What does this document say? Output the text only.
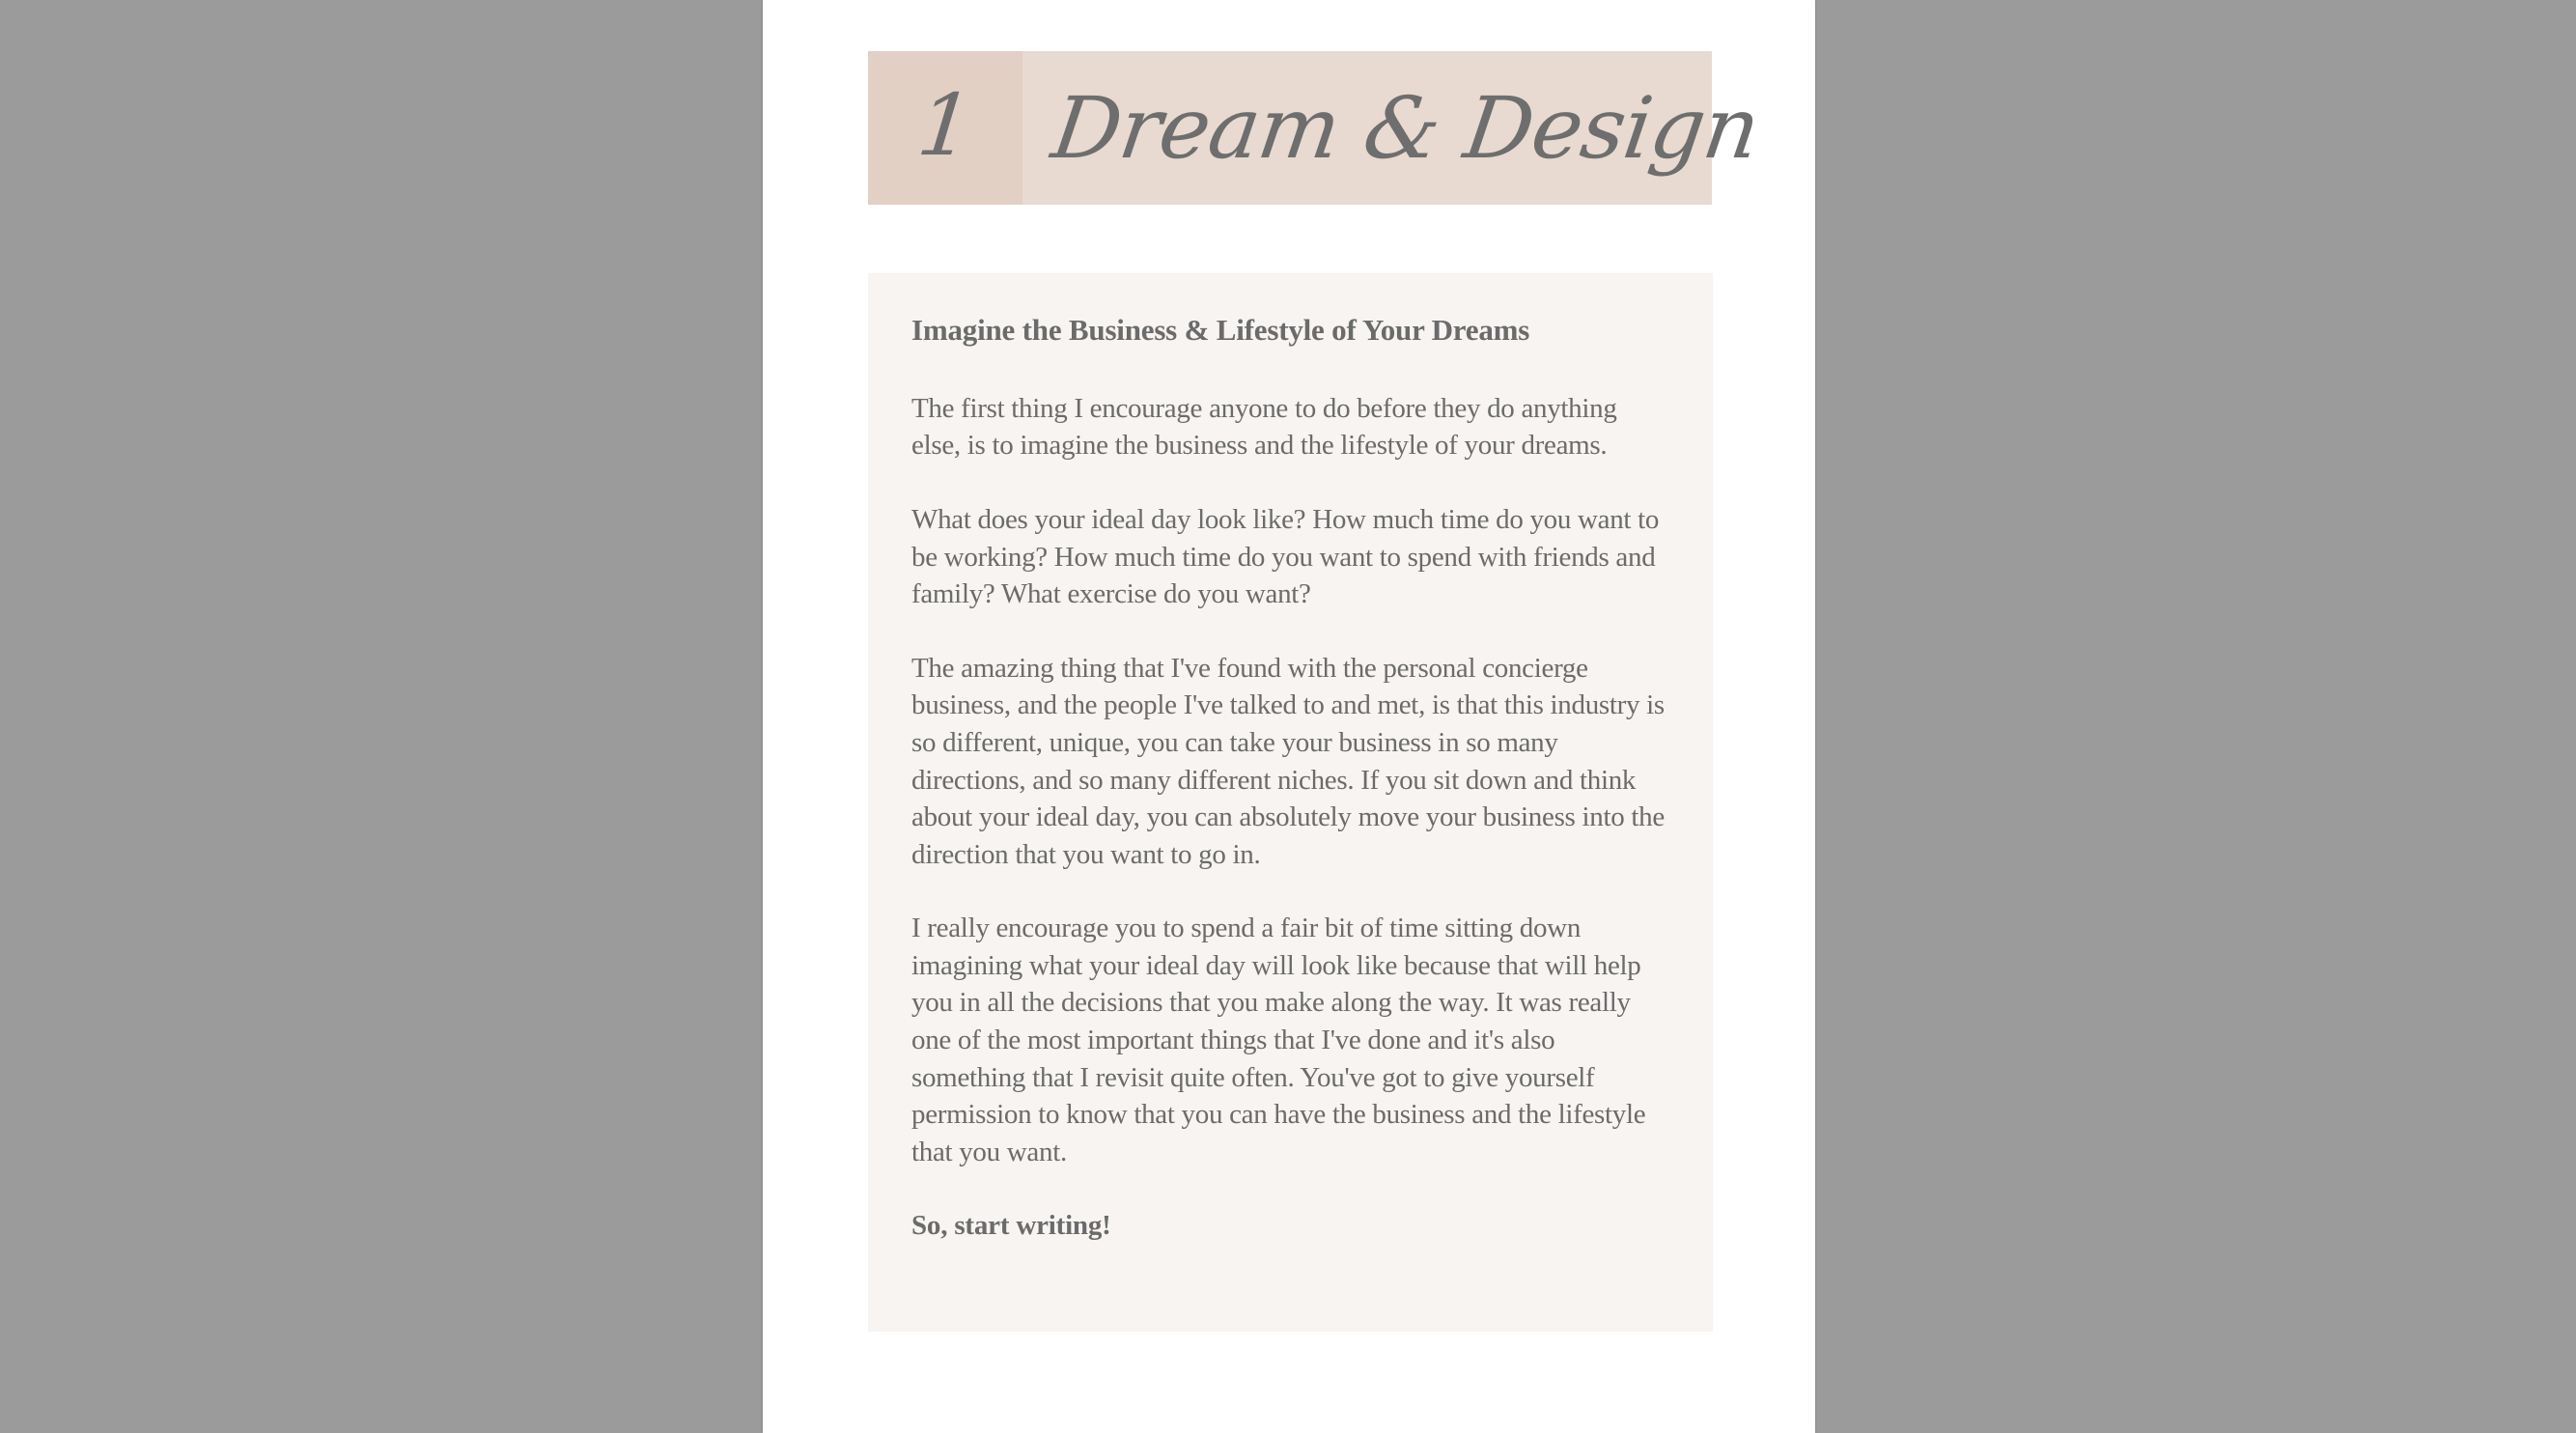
1 Dream & Design
Imagine the Business & Lifestyle of Your Dreams

The first thing I encourage anyone to do before they do anything else, is to imagine the business and the lifestyle of your dreams.

What does your ideal day look like? How much time do you want to be working? How much time do you want to spend with friends and family? What exercise do you want?

The amazing thing that I've found with the personal concierge business, and the people I've talked to and met, is that this industry is so different, unique, you can take your business in so many directions, and so many different niches. If you sit down and think about your ideal day, you can absolutely move your business into the direction that you want to go in.

I really encourage you to spend a fair bit of time sitting down imagining what your ideal day will look like because that will help you in all the decisions that you make along the way. It was really one of the most important things that I've done and it's also something that I revisit quite often. You've got to give yourself permission to know that you can have the business and the lifestyle that you want.

So, start writing!
